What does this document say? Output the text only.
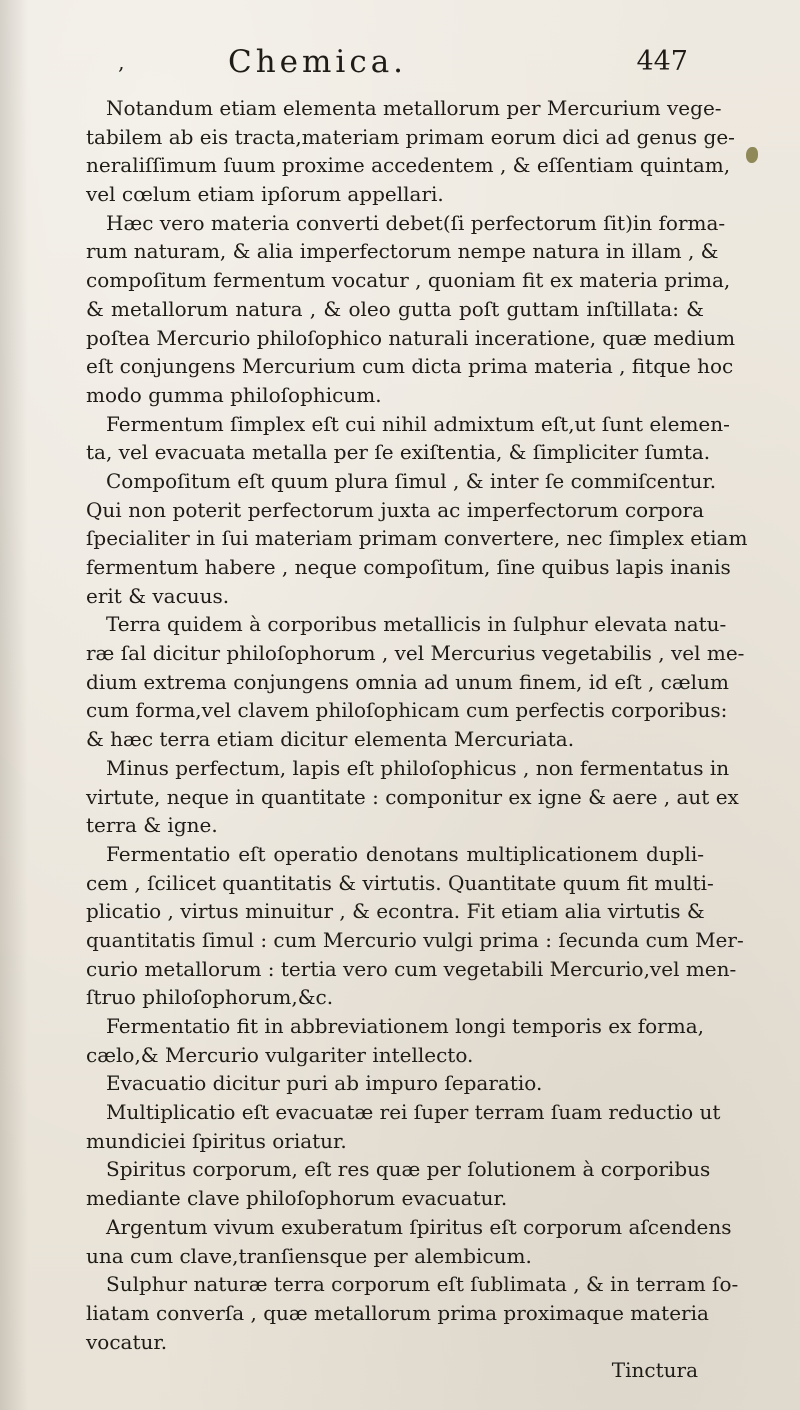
‚	Chemica.	447
Notandum etiam elementa metallorum per Mercurium vege-
tabilem ab eis tracta,materiam primam eorum dici ad genus ge-
neraliſſimum ſuum proxime accedentem , & eſſentiam quintam,
vel cœlum etiam ipſorum appellari.
Hæc vero materia converti debet(ſi perfectorum ſit)in forma-
rum naturam, & alia imperfectorum nempe natura in illam , &
compoſitum fermentum vocatur , quoniam fit ex materia prima,
& metallorum natura , & oleo gutta poſt guttam inſtillata: &
poſtea Mercurio philoſophico naturali inceratione, quæ medium
eſt conjungens Mercurium cum dicta prima materia , fitque hoc
modo gumma philoſophicum.
Fermentum ſimplex eſt cui nihil admixtum eſt,ut ſunt elemen-
ta, vel evacuata metalla per ſe exiſtentia, & ſimpliciter ſumta.
Compoſitum eſt quum plura ſimul , & inter ſe commiſcentur.
Qui non poterit perfectorum juxta ac imperfectorum corpora
ſpecialiter in ſui materiam primam convertere, nec ſimplex etiam
fermentum habere , neque compoſitum, ſine quibus lapis inanis
erit & vacuus.
Terra quidem à corporibus metallicis in ſulphur elevata natu-
ræ ſal dicitur philoſophorum , vel Mercurius vegetabilis , vel me-
dium extrema conjungens omnia ad unum finem, id eſt , cælum
cum forma,vel clavem philoſophicam cum perfectis corporibus:
& hæc terra etiam dicitur elementa Mercuriata.
Minus perfectum, lapis eſt philoſophicus , non fermentatus in
virtute, neque in quantitate : componitur ex igne & aere , aut ex
terra & igne.
Fermentatio eſt operatio denotans multiplicationem dupli-
cem , ſcilicet quantitatis & virtutis. Quantitate quum fit multi-
plicatio , virtus minuitur , & econtra. Fit etiam alia virtutis &
quantitatis ſimul : cum Mercurio vulgi prima : ſecunda cum Mer-
curio metallorum : tertia vero cum vegetabili Mercurio,vel men-
ſtruo philoſophorum,&c.
Fermentatio fit in abbreviationem longi temporis ex forma,
cælo,& Mercurio vulgariter intellecto.
Evacuatio dicitur puri ab impuro ſeparatio.
Multiplicatio eſt evacuatæ rei ſuper terram ſuam reductio ut
mundiciei ſpiritus oriatur.
Spiritus corporum, eſt res quæ per ſolutionem à corporibus
mediante clave philoſophorum evacuatur.
Argentum vivum exuberatum ſpiritus eſt corporum aſcendens
una cum clave,tranſiensque per alembicum.
Sulphur naturæ terra corporum eſt ſublimata , & in terram ſo-
liatam converſa , quæ metallorum prima proximaque materia
vocatur.
Tinctura
